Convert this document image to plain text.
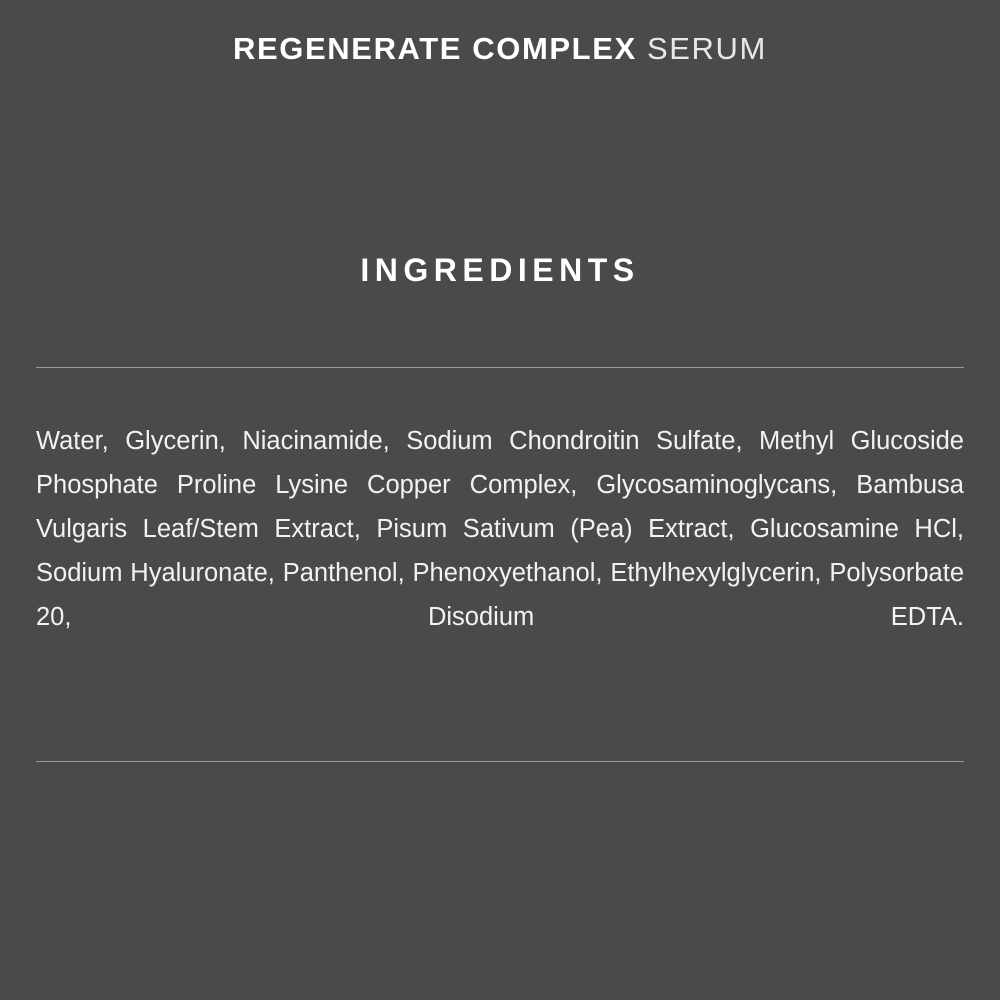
REGENERATE COMPLEX SERUM
INGREDIENTS
Water, Glycerin, Niacinamide, Sodium Chondroitin Sulfate, Methyl Glucoside Phosphate Proline Lysine Copper Complex, Glycosaminoglycans, Bambusa Vulgaris Leaf/Stem Extract, Pisum Sativum (Pea) Extract, Glucosamine HCl, Sodium Hyaluronate, Panthenol, Phenoxyethanol, Ethylhexylglycerin, Polysorbate 20, Disodium EDTA.
